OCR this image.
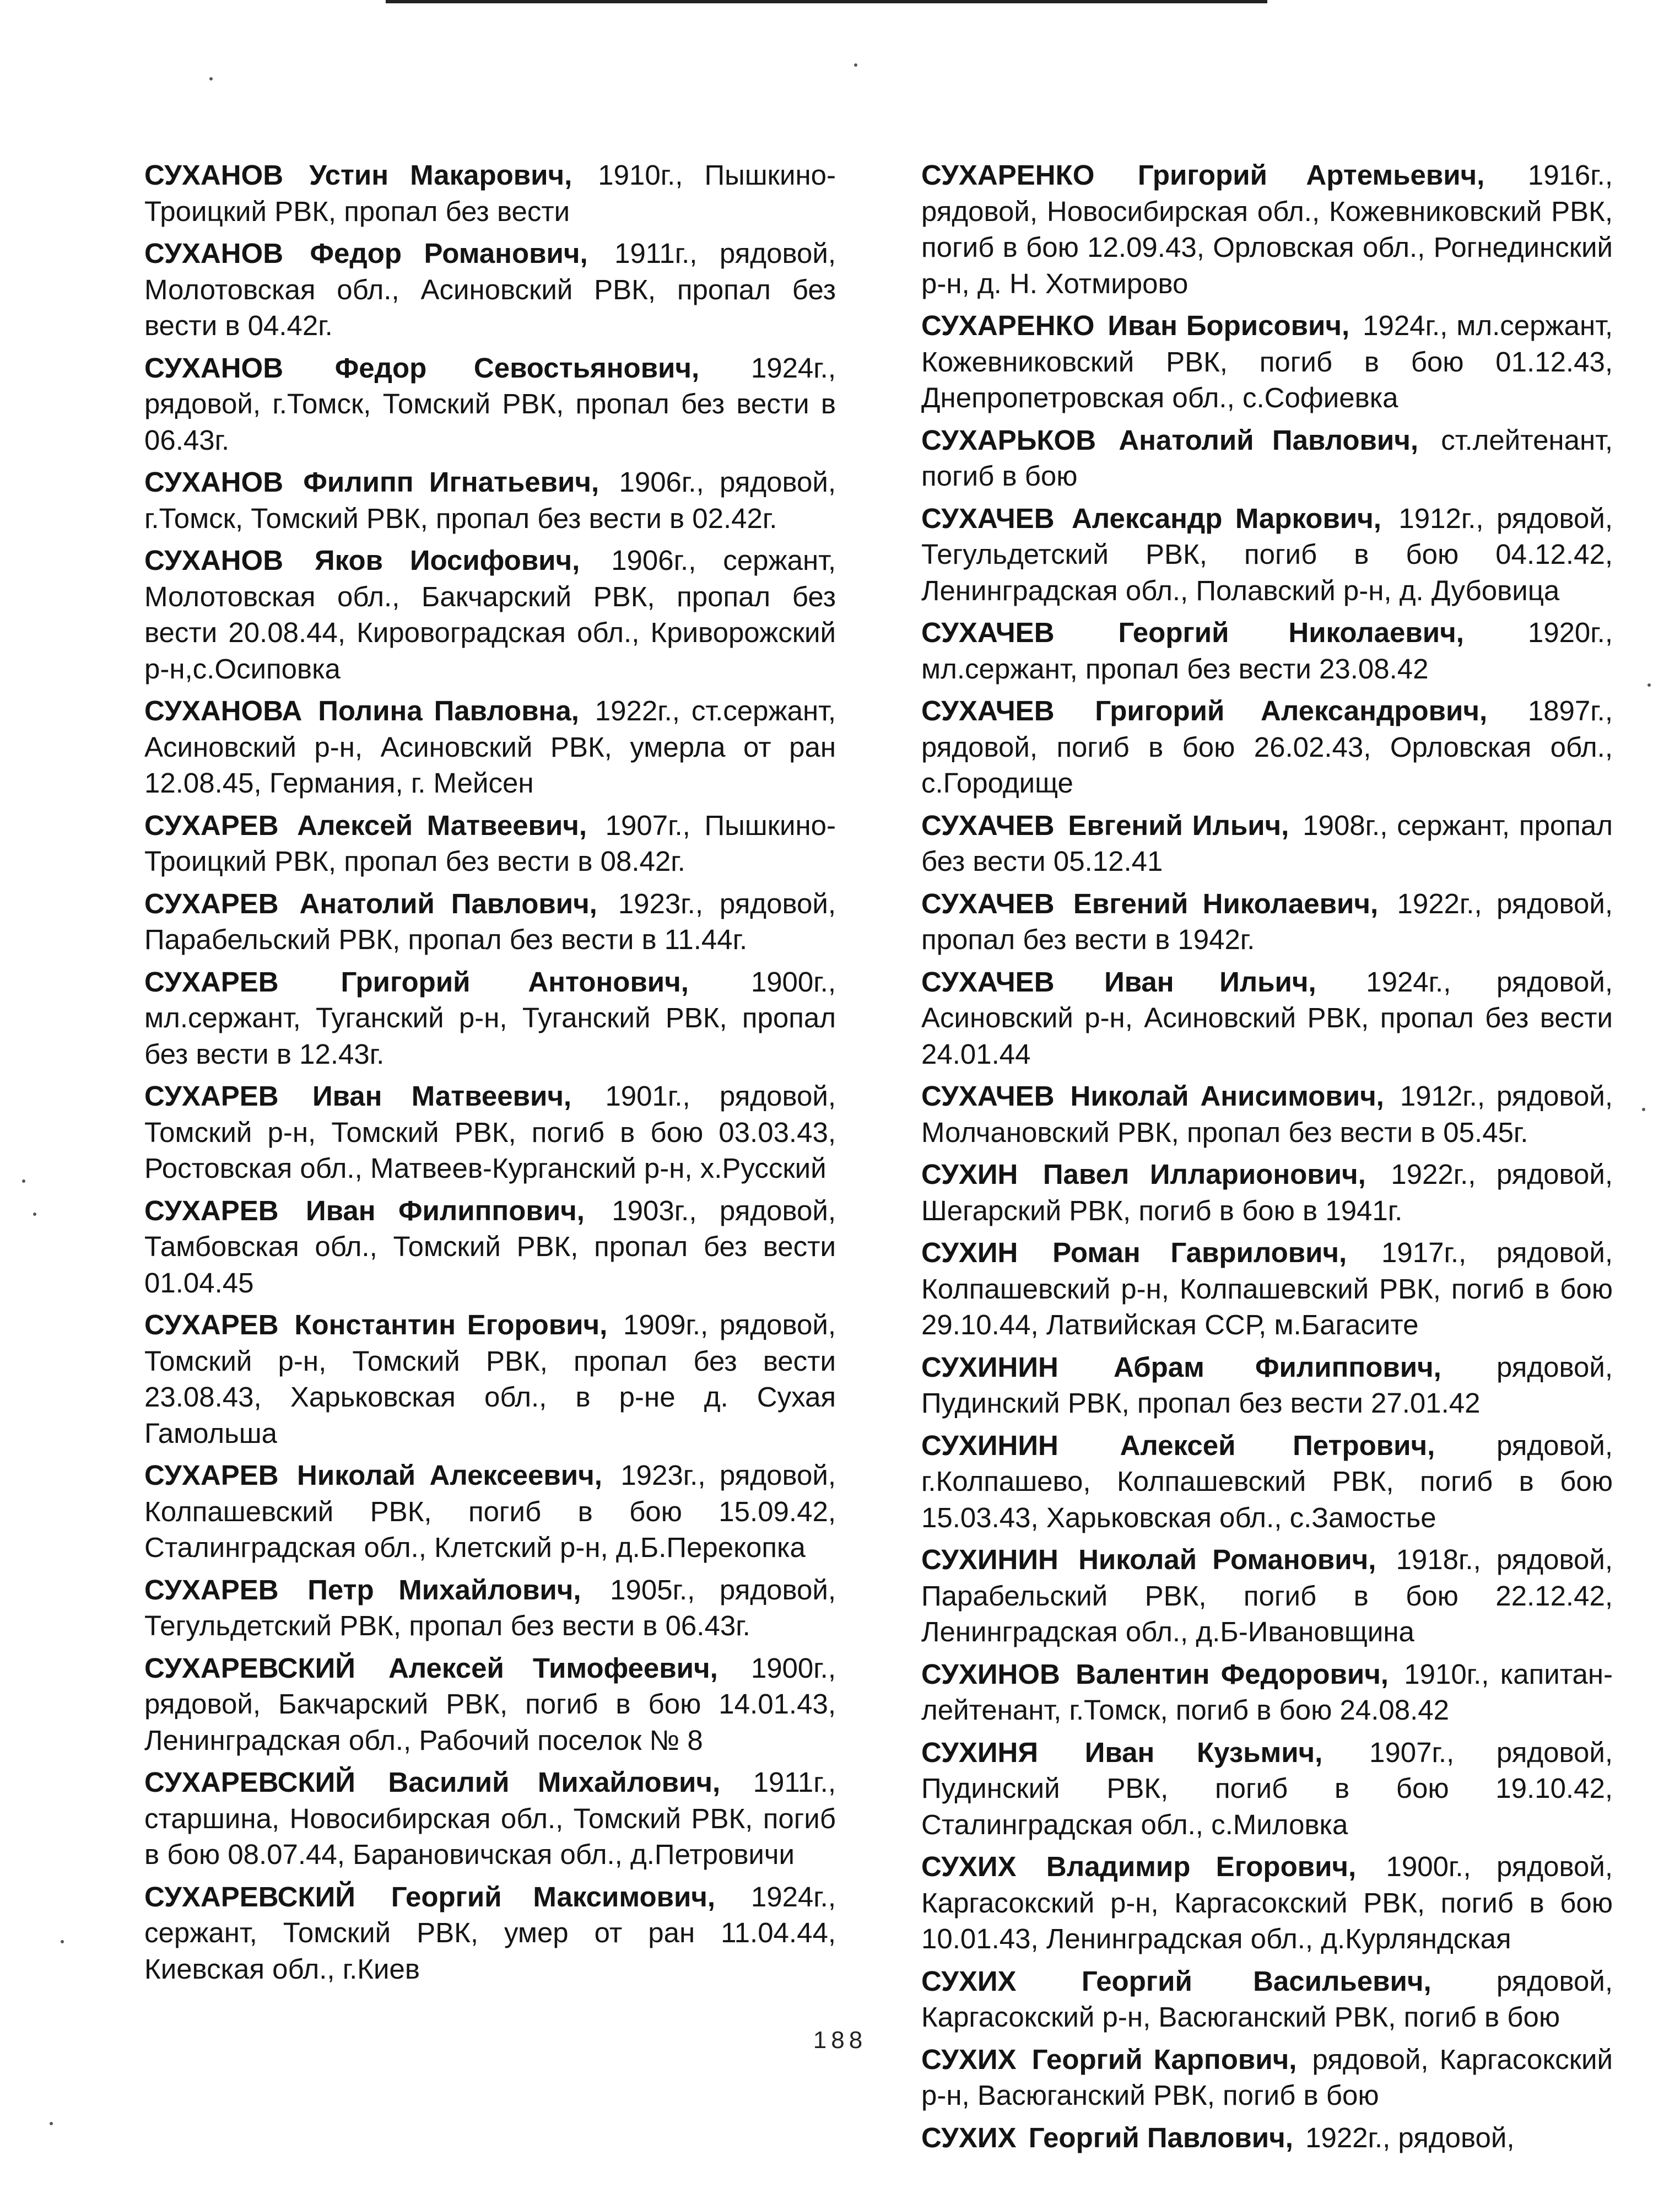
СУХАНОВ Устин Макарович, 1910г., Пышкино-Троицкий РВК, пропал без вести

СУХАНОВ Федор Романович, 1911г., рядовой, Молотовская обл., Асиновский РВК, пропал без вести в 04.42г.

СУХАНОВ Федор Севостьянович, 1924г., рядовой, г.Томск, Томский РВК, пропал без вести в 06.43г.

СУХАНОВ Филипп Игнатьевич, 1906г., рядовой, г.Томск, Томский РВК, пропал без вести в 02.42г.

СУХАНОВ Яков Иосифович, 1906г., сержант, Молотовская обл., Бакчарский РВК, пропал без вести 20.08.44, Кировоградская обл., Криворожский р-н,с.Осиповка

СУХАНОВА Полина Павловна, 1922г., ст.сержант, Асиновский р-н, Асиновский РВК, умерла от ран 12.08.45, Германия, г. Мейсен

СУХАРЕВ Алексей Матвеевич, 1907г., Пышкино-Троицкий РВК, пропал без вести в 08.42г.

СУХАРЕВ Анатолий Павлович, 1923г., рядовой, Парабельский РВК, пропал без вести в 11.44г.

СУХАРЕВ Григорий Антонович, 1900г., мл.сержант, Туганский р-н, Туганский РВК, пропал без вести в 12.43г.

СУХАРЕВ Иван Матвеевич, 1901г., рядовой, Томский р-н, Томский РВК, погиб в бою 03.03.43, Ростовская обл., Матвеев-Курганский р-н, х.Русский

СУХАРЕВ Иван Филиппович, 1903г., рядовой, Тамбовская обл., Томский РВК, пропал без вести 01.04.45

СУХАРЕВ Константин Егорович, 1909г., рядовой, Томский р-н, Томский РВК, пропал без вести 23.08.43, Харьковская обл., в р-не д. Сухая Гамольша

СУХАРЕВ Николай Алексеевич, 1923г., рядовой, Колпашевский РВК, погиб в бою 15.09.42, Сталинградская обл., Клетский р-н, д.Б.Перекопка

СУХАРЕВ Петр Михайлович, 1905г., рядовой, Тегульдетский РВК, пропал без вести в 06.43г.

СУХАРЕВСКИЙ Алексей Тимофеевич, 1900г., рядовой, Бакчарский РВК, погиб в бою 14.01.43, Ленинградская обл., Рабочий поселок № 8

СУХАРЕВСКИЙ Василий Михайлович, 1911г., старшина, Новосибирская обл., Томский РВК, погиб в бою 08.07.44, Барановичская обл., д.Петровичи

СУХАРЕВСКИЙ Георгий Максимович, 1924г., сержант, Томский РВК, умер от ран 11.04.44, Киевская обл., г.Киев

СУХАРЕНКО Григорий Артемьевич, 1916г., рядовой, Новосибирская обл., Кожевниковский РВК, погиб в бою 12.09.43, Орловская обл., Рогнединский р-н, д. Н. Хотмирово

СУХАРЕНКО Иван Борисович, 1924г., мл.сержант, Кожевниковский РВК, погиб в бою 01.12.43, Днепропетровская обл., с.Софиевка

СУХАРЬКОВ Анатолий Павлович, ст.лейтенант, погиб в бою

СУХАЧЕВ Александр Маркович, 1912г., рядовой, Тегульдетский РВК, погиб в бою 04.12.42, Ленинградская обл., Полавский р-н, д. Дубовица

СУХАЧЕВ Георгий Николаевич, 1920г., мл.сержант, пропал без вести 23.08.42

СУХАЧЕВ Григорий Александрович, 1897г., рядовой, погиб в бою 26.02.43, Орловская обл., с.Городище

СУХАЧЕВ Евгений Ильич, 1908г., сержант, пропал без вести 05.12.41

СУХАЧЕВ Евгений Николаевич, 1922г., рядовой, пропал без вести в 1942г.

СУХАЧЕВ Иван Ильич, 1924г., рядовой, Асиновский р-н, Асиновский РВК, пропал без вести 24.01.44

СУХАЧЕВ Николай Анисимович, 1912г., рядовой, Молчановский РВК, пропал без вести в 05.45г.

СУХИН Павел Илларионович, 1922г., рядовой, Шегарский РВК, погиб в бою в 1941г.

СУХИН Роман Гаврилович, 1917г., рядовой, Колпашевский р-н, Колпашевский РВК, погиб в бою 29.10.44, Латвийская ССР, м.Багасите

СУХИНИН Абрам Филиппович, рядовой, Пудинский РВК, пропал без вести 27.01.42

СУХИНИН Алексей Петрович, рядовой, г.Колпашево, Колпашевский РВК, погиб в бою 15.03.43, Харьковская обл., с.Замостье

СУХИНИН Николай Романович, 1918г., рядовой, Парабельский РВК, погиб в бою 22.12.42, Ленинградская обл., д.Б-Ивановщина

СУХИНОВ Валентин Федорович, 1910г., капитан-лейтенант, г.Томск, погиб в бою 24.08.42

СУХИНЯ Иван Кузьмич, 1907г., рядовой, Пудинский РВК, погиб в бою 19.10.42, Сталинградская обл., с.Миловка

СУХИХ Владимир Егорович, 1900г., рядовой, Каргасокский р-н, Каргасокский РВК, погиб в бою 10.01.43, Ленинградская обл., д.Курляндская

СУХИХ Георгий Васильевич, рядовой, Каргасокский р-н, Васюганский РВК, погиб в бою

СУХИХ Георгий Карпович, рядовой, Каргасокский р-н, Васюганский РВК, погиб в бою

СУХИХ Георгий Павлович, 1922г., рядовой,

188
